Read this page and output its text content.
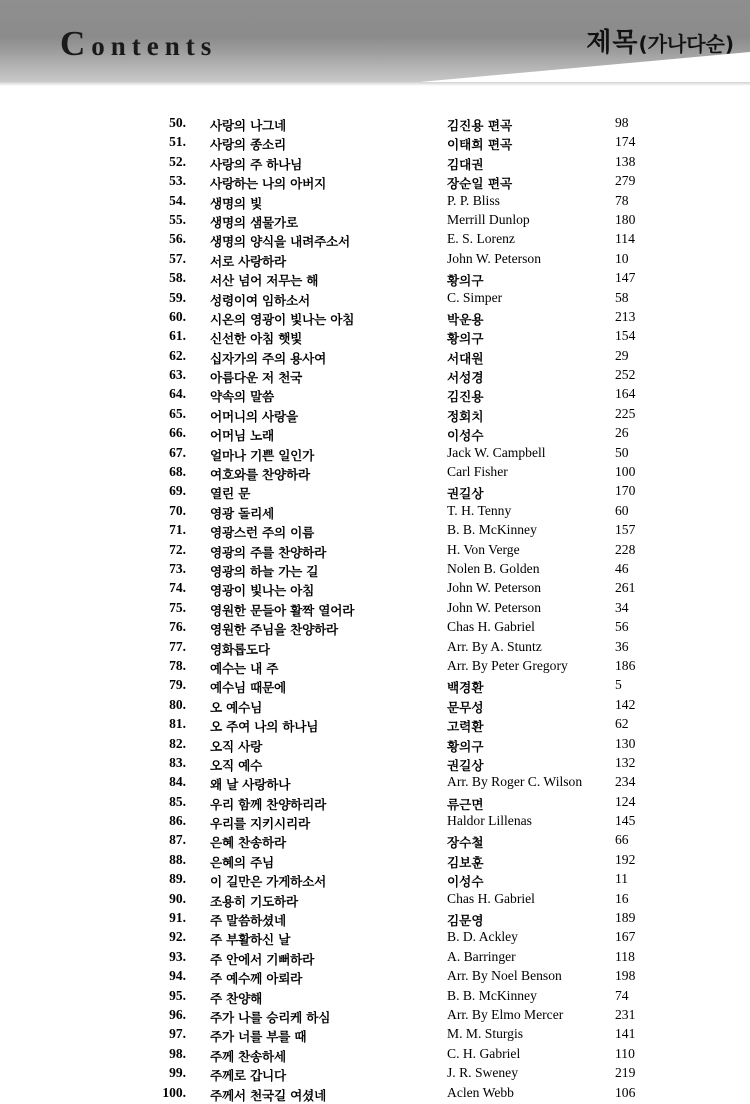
Contents	제목(가나다순)
50. 사랑의 나그네	김진용 편곡	98
51. 사랑의 종소리	이태희 편곡	174
52. 사랑의 주 하나님	김대권	138
53. 사랑하는 나의 아버지	장순일 편곡	279
54. 생명의 빛	P. P. Bliss	78
55. 생명의 샘물가로	Merrill Dunlop	180
56. 생명의 양식을 내려주소서	E. S. Lorenz	114
57. 서로 사랑하라	John W. Peterson	10
58. 서산 넘어 저무는 해	황의구	147
59. 성령이여 임하소서	C. Simper	58
60. 시온의 영광이 빛나는 아침	박운용	213
61. 신선한 아침 햇빛	황의구	154
62. 십자가의 주의 용사여	서대원	29
63. 아름다운 저 천국	서성경	252
64. 약속의 말씀	김진용	164
65. 어머니의 사랑을	정회치	225
66. 어머님 노래	이성수	26
67. 얼마나 기쁜 일인가	Jack W. Campbell	50
68. 여호와를 찬양하라	Carl Fisher	100
69. 열린 문	권길상	170
70. 영광 돌리세	T. H. Tenny	60
71. 영광스런 주의 이름	B. B. McKinney	157
72. 영광의 주를 찬양하라	H. Von Verge	228
73. 영광의 하늘 가는 길	Nolen B. Golden	46
74. 영광이 빛나는 아침	John W. Peterson	261
75. 영원한 문들아 활짝 열어라	John W. Peterson	34
76. 영원한 주님을 찬양하라	Chas H. Gabriel	56
77. 영화롭도다	Arr. By A. Stuntz	36
78. 예수는 내 주	Arr. By Peter Gregory	186
79. 예수님 때문에	백경환	5
80. 오 예수님	문무성	142
81. 오 주여 나의 하나님	고력환	62
82. 오직 사랑	황의구	130
83. 오직 예수	권길상	132
84. 왜 날 사랑하나	Arr. By Roger C. Wilson 234
85. 우리 함께 찬양하리라	류근면	124
86. 우리를 지키시리라	Haldor Lillenas	145
87. 은혜 찬송하라	장수철	66
88. 은혜의 주님	김보훈	192
89. 이 길만은 가게하소서	이성수	11
90. 조용히 기도하라	Chas H. Gabriel	16
91. 주 말씀하셨네	김문영	189
92. 주 부활하신 날	B. D. Ackley	167
93. 주 안에서 기뻐하라	A. Barringer	118
94. 주 예수께 아뢰라	Arr. By Noel Benson	198
95. 주 찬양해	B. B. McKinney	74
96. 주가 나를 승리케 하심	Arr. By Elmo Mercer	231
97. 주가 너를 부를 때	M. M. Sturgis	141
98. 주께 찬송하세	C. H. Gabriel	110
99. 주께로 갑니다	J. R. Sweney	219
100. 주께서 천국길 여셨네	Aclen Webb	106
